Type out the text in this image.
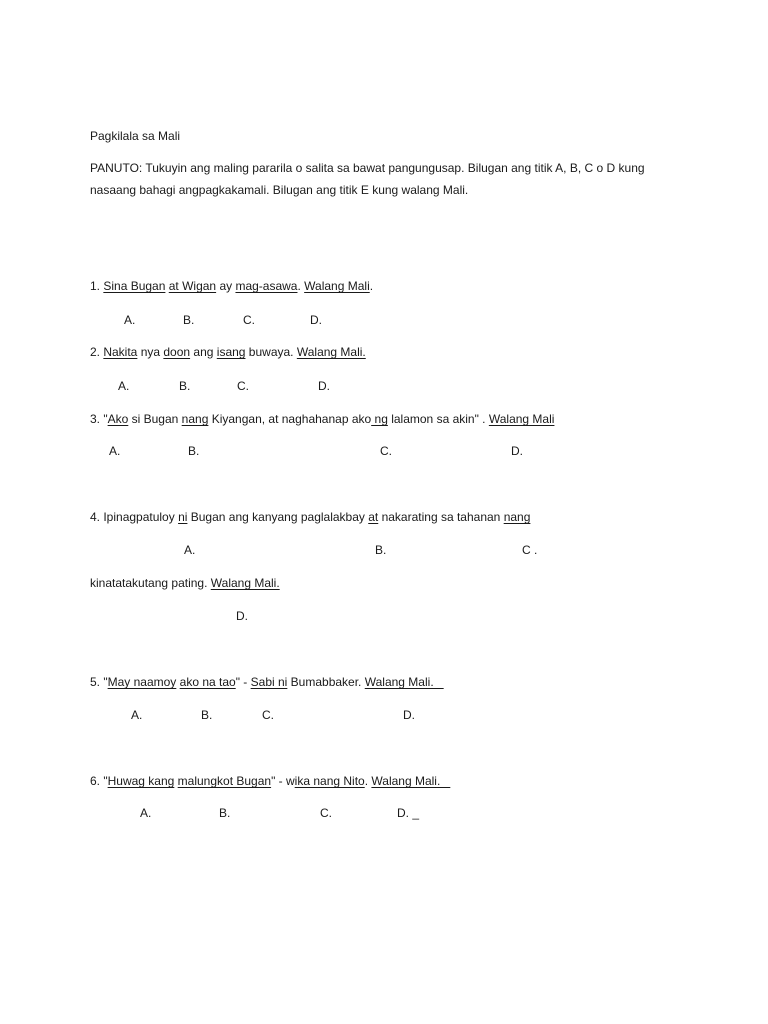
Pagkilala sa Mali
PANUTO: Tukuyin ang maling pararila o salita sa bawat pangungusap. Bilugan ang titik A, B, C o D kung nasaang bahagi angpagkakamali. Bilugan ang titik E kung walang Mali.
1. Sina Bugan at Wigan ay mag-asawa. Walang Mali.
A.	B.	C.	D.
2. Nakita nya doon ang isang buwaya. Walang Mali.
A.	B.	C.	D.
3. "Ako si Bugan nang Kiyangan, at naghahanap ako ng lalamon sa akin" . Walang Mali
A.	B.	C.	D.
4. Ipinagpatuloy ni Bugan ang kanyang paglalakbay at nakarating sa tahanan nang
A.	B.	C .
kinatatakutang pating. Walang Mali.
D.
5. "May naamoy ako na tao" - Sabi ni Bumabbaker. Walang Mali.
A.	B.	C.	D.
6. "Huwag kang malungkot Bugan" - wika nang Nito. Walang Mali.
A.	B.	C.	D. _
